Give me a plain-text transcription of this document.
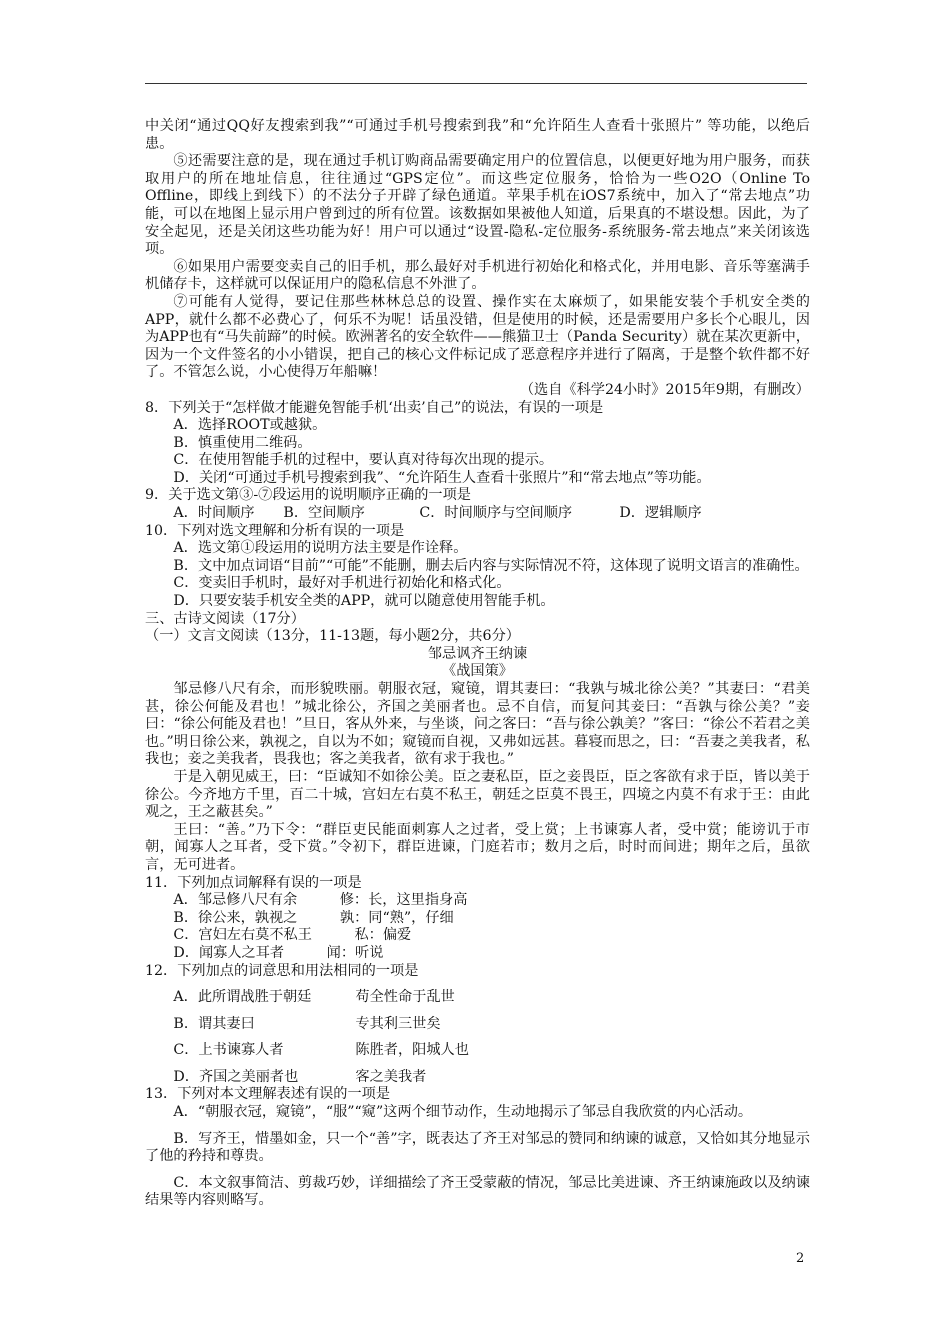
中关闭“通过QQ好友搜索到我”“可通过手机号搜索到我”和“允许陌生人查看十张照片” 等功能，以绝后患。

⑤还需要注意的是，现在通过手机订购商品需要确定用户的位置信息，以便更好地为用户服务，而获取用户的所在地址信息，往往通过“GPS定位”。而这些定位服务，恰恰为一些O2O（Online To Offline，即线上到线下）的不法分子开辟了绿色通道。苹果手机在iOS7系统中，加入了“常去地点”功能，可以在地图上显示用户曾到过的所有位置。该数据如果被他人知道，后果真的不堪设想。因此，为了安全起见，还是关闭这些功能为好！用户可以通过“设置-隐私-定位服务-系统服务-常去地点”来关闭该选项。

⑥如果用户需要变卖自己的旧手机，那么最好对手机进行初始化和格式化，并用电影、音乐等塞满手机储存卡，这样就可以保证用户的隐私信息不外泄了。

⑦可能有人觉得，要记住那些林林总总的设置、操作实在太麻烦了，如果能安装个手机安全类的APP，就什么都不必费心了，何乐不为呢！话虽没错，但是使用的时候，还是需要用户多长个心眼儿，因为APP也有“马失前蹄”的时候。欧洲著名的安全软件——熊猫卫士（Panda Security）就在某次更新中，因为一个文件签名的小小错误，把自己的核心文件标记成了恶意程序并进行了隔离，于是整个软件都不好了。不管怎么说，小心使得万年船嘛！

（选自《科学24小时》2015年9期，有删改）

8．下列关于“怎样做才能避免智能手机‘出卖’自己”的说法，有误的一项是

A．选择ROOT或越狱。

B．慎重使用二维码。

C．在使用智能手机的过程中，要认真对待每次出现的提示。

D．关闭“可通过手机号搜索到我”、“允许陌生人查看十张照片”和“常去地点”等功能。

9．关于选文第③-⑦段运用的说明顺序正确的一项是

A．时间顺序	B．空间顺序	C．时间顺序与空间顺序	D．逻辑顺序

10．下列对选文理解和分析有误的一项是

A．选文第①段运用的说明方法主要是作诠释。

B．文中加点词语“目前”“可能”不能删，删去后内容与实际情况不符，这体现了说明文语言的准确性。

C．变卖旧手机时，最好对手机进行初始化和格式化。

D．只要安装手机安全类的APP，就可以随意使用智能手机。

三、古诗文阅读（17分）

（一）文言文阅读（13分，11-13题，每小题2分，共6分）

邹忌讽齐王纳谏

《战国策》

邹忌修八尺有余，而形貌昳丽。朝服衣冠，窥镜，谓其妻曰：“我孰与城北徐公美？”其妻曰：“君美甚，徐公何能及君也！”城北徐公，齐国之美丽者也。忌不自信，而复问其妾曰：“吾孰与徐公美？”妾曰：“徐公何能及君也！”旦日，客从外来，与坐谈，问之客曰：“吾与徐公孰美？”客曰：“徐公不若君之美也。”明日徐公来，孰视之，自以为不如；窥镜而自视，又弗如远甚。暮寝而思之，曰：“吾妻之美我者，私我也；妾之美我者，畏我也；客之美我者，欲有求于我也。”

于是入朝见威王，曰：“臣诚知不如徐公美。臣之妻私臣，臣之妾畏臣，臣之客欲有求于臣，皆以美于徐公。今齐地方千里，百二十城，宫妇左右莫不私王，朝廷之臣莫不畏王，四境之内莫不有求于王：由此观之，王之蔽甚矣。”

王曰：“善。”乃下令：“群臣吏民能面刺寡人之过者，受上赏；上书谏寡人者，受中赏；能谤讥于市朝，闻寡人之耳者，受下赏。”令初下，群臣进谏，门庭若市；数月之后，时时而间进；期年之后，虽欲言，无可进者。

11．下列加点词解释有误的一项是

A．邹忌修八尺有余　　　修：长，这里指身高

B．徐公来，孰视之　　　孰：同“熟”，仔细

C．宫妇左右莫不私王　　　私：偏爱

D．闻寡人之耳者　　　闻：听说

12．下列加点的词意思和用法相同的一项是

A．此所谓战胜于朝廷	苟全性命于乱世
B．谓其妻曰	专其利三世矣
C．上书谏寡人者	陈胜者，阳城人也
D．齐国之美丽者也	客之美我者

13．下列对本文理解表述有误的一项是

A．“朝服衣冠，窥镜”，“服”“窥”这两个细节动作，生动地揭示了邹忌自我欣赏的内心活动。

B．写齐王，惜墨如金，只一个“善”字，既表达了齐王对邹忌的赞同和纳谏的诚意，又恰如其分地显示了他的矜持和尊贵。

C．本文叙事简洁、剪裁巧妙，详细描绘了齐王受蒙蔽的情况，邹忌比美进谏、齐王纳谏施政以及纳谏结果等内容则略写。

2
